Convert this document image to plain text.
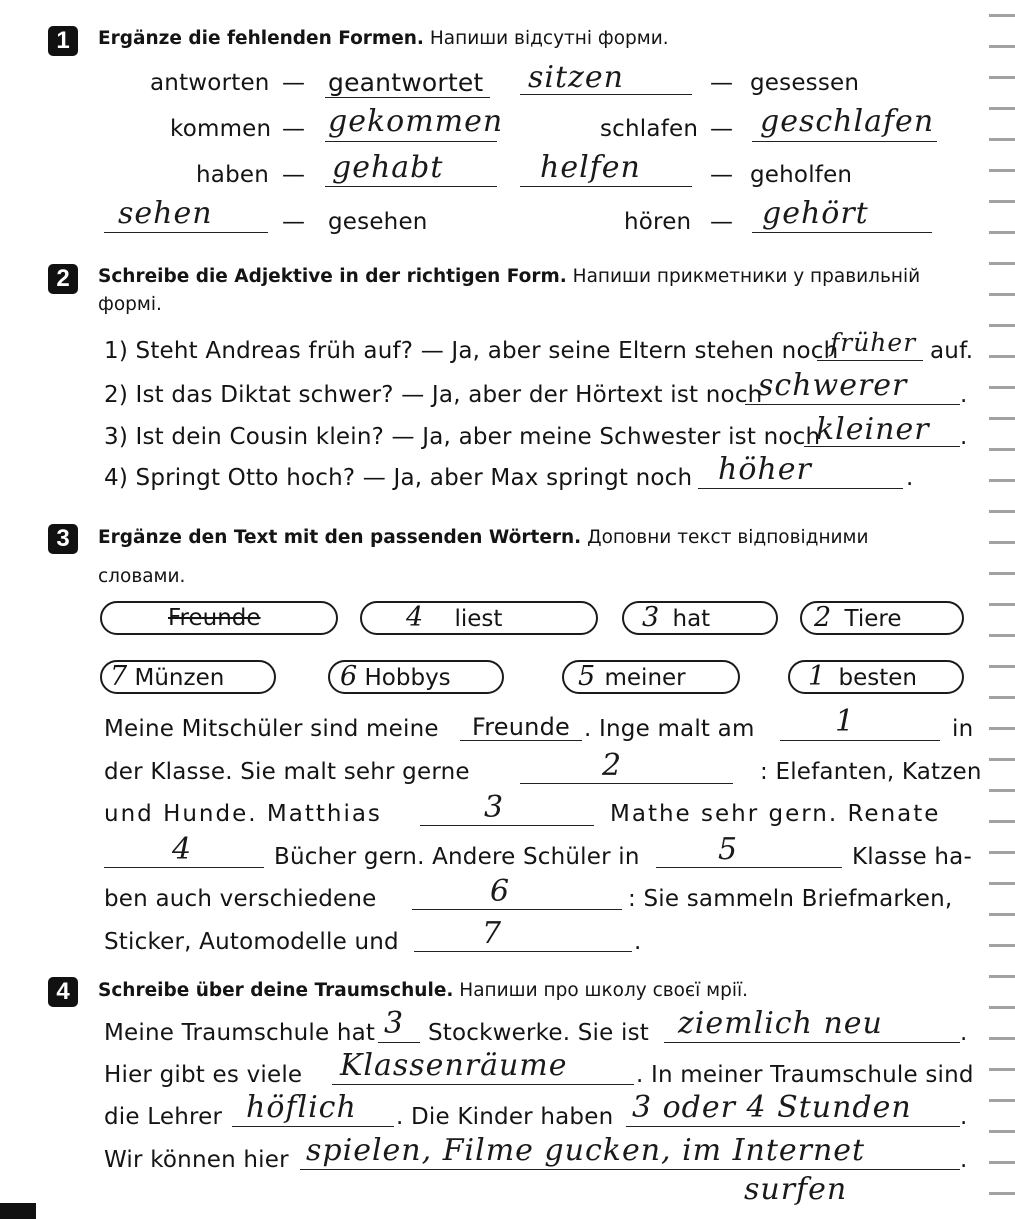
1	Ergänze die fehlenden Formen. Напиши відсутні форми.
antworten — geantwortet sitzen	— gesessen
kommen — gekommen	schlafen — geschlafen
haben — gehabt	helfen	— geholfen
sehen	— gesehen	hören — gehört
2	Schreibe die Adjektive in der richtigen Form. Напиши прикметники у правильній
формі.
1) Steht Andreas früh auf? — Ja, aber seine Eltern stehen noch
früher auf.
2) Ist das Diktat schwer? — Ja, aber der Hörtext ist noch
schwerer .
3) Ist dein Cousin klein? — Ja, aber meine Schwester ist noch
kleiner .
4) Springt Otto hoch? — Ja, aber Max springt noch höher	.
3	Ergänze den Text mit den passenden Wörtern. Доповни текст відповідними
словами.
Freunde	4 liest	3 hat	2 Tiere
7 Münzen	6 Hobbys	5 meiner	1 besten
Meine Mitschüler sind meine Freunde . Inge malt am	1	in
der Klasse. Sie malt sehr gerne	2	: Elefanten, Katzen
und Hunde. Matthias	3	Mathe sehr gern. Renate
4	Bücher gern. Andere Schüler in	5	Klasse ha-
ben auch verschiedene	6	: Sie sammeln Briefmarken,
Sticker, Automodelle und	7	.
4	Schreibe über deine Traumschule. Напиши про школу своєї мрії.
Meine Traumschule hat 3 Stockwerke. Sie ist ziemlich neu	.
Hier gibt es viele Klassenräume	. In meiner Traumschule sind
die Lehrer höflich . Die Kinder haben 3 oder 4 Stunden .
Wir können hier spielen, Filme gucken, im Internet	.
surfen
